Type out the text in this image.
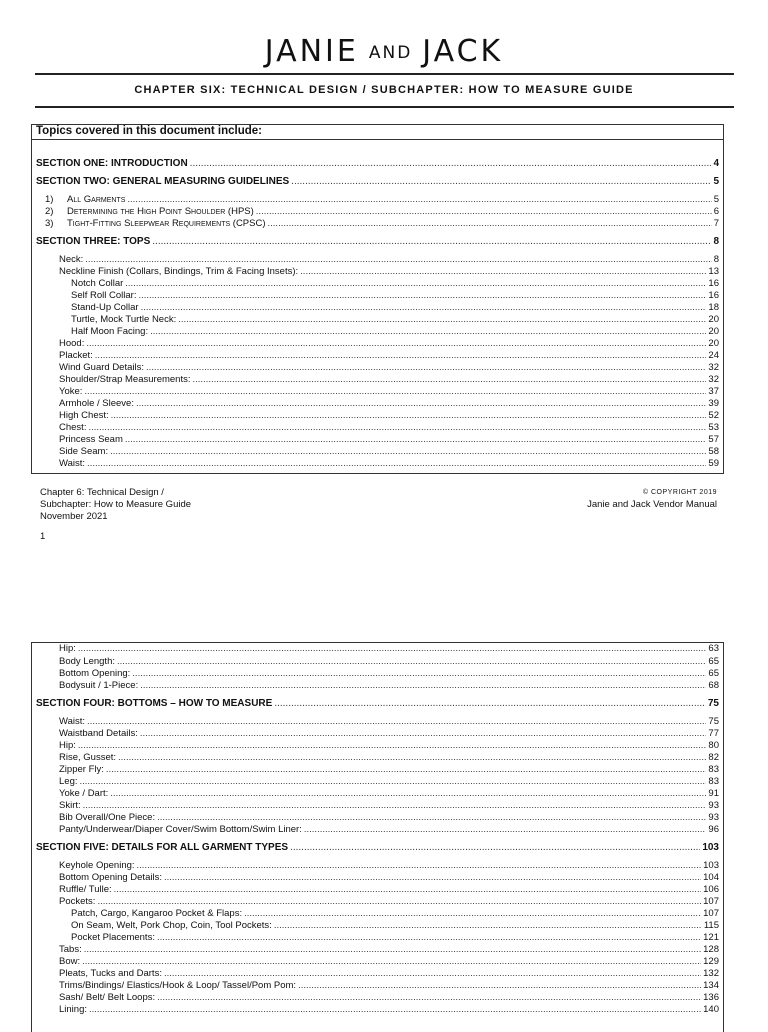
JANIE AND JACK
CHAPTER SIX: TECHNICAL DESIGN / SUBCHAPTER: HOW TO MEASURE GUIDE
Topics covered in this document include:
SECTION ONE: INTRODUCTION .....	4
SECTION TWO: GENERAL MEASURING GUIDELINES .....	5
1) All Garments .....	5
2) Determining the High Point Shoulder (HPS) .....	6
3) Tight-Fitting Sleepwear Requirements (CPSC) .....	7
SECTION THREE: TOPS .....	8
Neck: .....	8
Neckline Finish (Collars, Bindings, Trim & Facing Insets): .....	13
Notch Collar .....	16
Self Roll Collar: .....	16
Stand-Up Collar .....	18
Turtle, Mock Turtle Neck: .....	20
Half Moon Facing: .....	20
Hood: .....	20
Placket: .....	24
Wind Guard Details: .....	32
Shoulder/Strap Measurements: .....	32
Yoke: .....	37
Armhole / Sleeve: .....	39
High Chest: .....	52
Chest: .....	53
Princess Seam .....	57
Side Seam: .....	58
Waist: .....	59
Chapter 6: Technical Design /
Subchapter: How to Measure Guide
November 2021
© COPYRIGHT 2019
Janie and Jack Vendor Manual
1
Hip: .....	63
Body Length: .....	65
Bottom Opening: .....	65
Bodysuit / 1-Piece: .....	68
SECTION FOUR: BOTTOMS – HOW TO MEASURE .....	75
Waist: .....	75
Waistband Details: .....	77
Hip: .....	80
Rise, Gusset: .....	82
Zipper Fly: .....	83
Leg: .....	83
Yoke / Dart: .....	91
Skirt: .....	93
Bib Overall/One Piece: .....	93
Panty/Underwear/Diaper Cover/Swim Bottom/Swim Liner: .....	96
SECTION FIVE: DETAILS FOR ALL GARMENT TYPES .....	103
Keyhole Opening: .....	103
Bottom Opening Details: .....	104
Ruffle/ Tulle: .....	106
Pockets: .....	107
Patch, Cargo, Kangaroo Pocket & Flaps: .....	107
On Seam, Welt, Pork Chop, Coin, Tool Pockets: .....	115
Pocket Placements: .....	121
Tabs: .....	128
Bow: .....	129
Pleats, Tucks and Darts: .....	132
Trims/Bindings/ Elastics/Hook & Loop/ Tassel/Pom Pom: .....	134
Sash/ Belt/ Belt Loops: .....	136
Lining: .....	140
